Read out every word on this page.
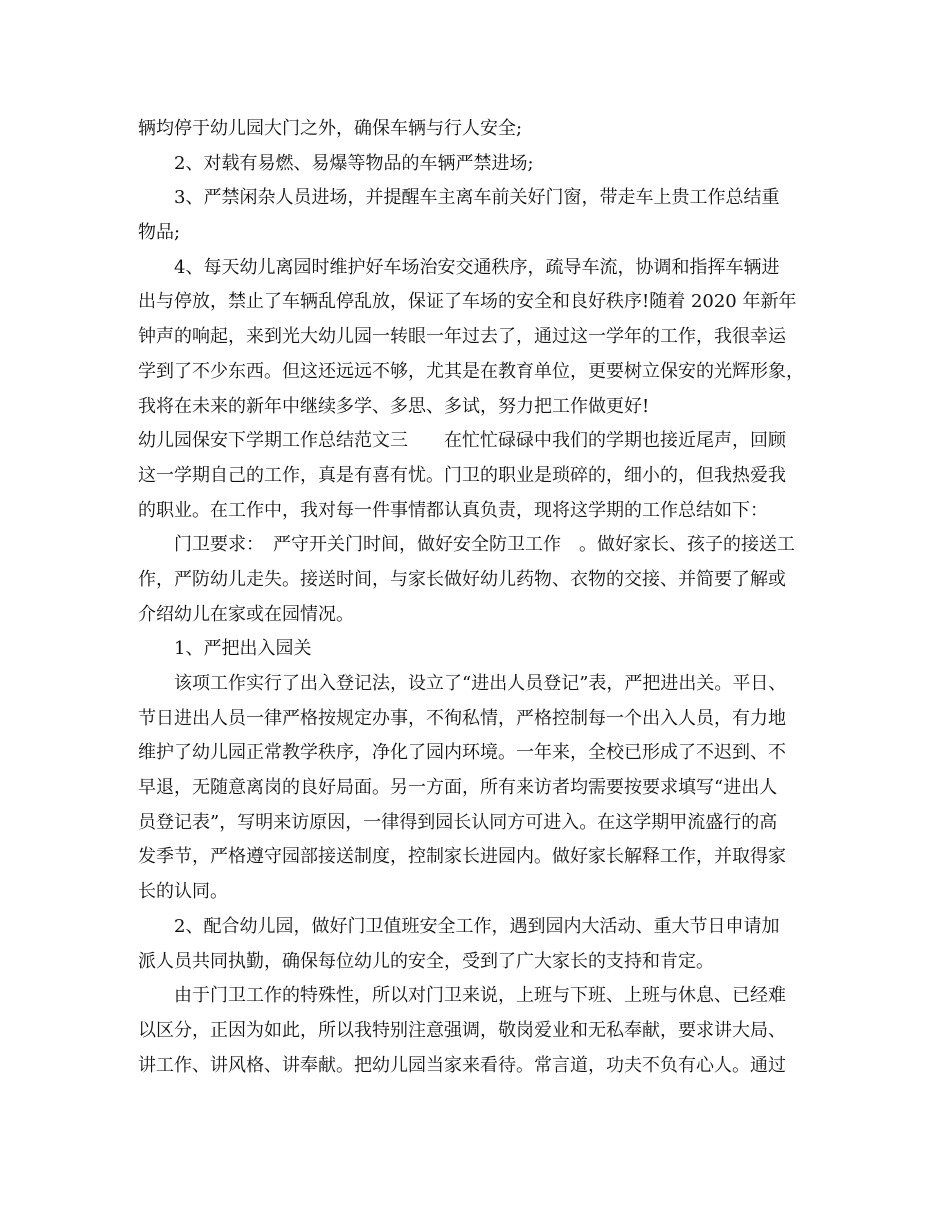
辆均停于幼儿园大门之外，确保车辆与行人安全;

2、对载有易燃、易爆等物品的车辆严禁进场;

3、严禁闲杂人员进场，并提醒车主离车前关好门窗，带走车上贵工作总结重

物品;

4、每天幼儿离园时维护好车场治安交通秩序，疏导车流，协调和指挥车辆进

出与停放，禁止了车辆乱停乱放，保证了车场的安全和良好秩序!随着 2020 年新年

钟声的响起，来到光大幼儿园一转眼一年过去了，通过这一学年的工作，我很幸运

学到了不少东西。但这还远远不够，尤其是在教育单位，更要树立保安的光辉形象，

我将在未来的新年中继续多学、多思、多试，努力把工作做更好!

幼儿园保安下学期工作总结范文三　　在忙忙碌碌中我们的学期也接近尾声，回顾

这一学期自己的工作，真是有喜有忧。门卫的职业是琐碎的，细小的，但我热爱我

的职业。在工作中，我对每一件事情都认真负责，现将这学期的工作总结如下：

门卫要求：　严守开关门时间，做好安全防卫工作　。做好家长、孩子的接送工

作，严防幼儿走失。接送时间，与家长做好幼儿药物、衣物的交接、并简要了解或

介绍幼儿在家或在园情况。

1、严把出入园关

该项工作实行了出入登记法，设立了“进出人员登记”表，严把进出关。平日、

节日进出人员一律严格按规定办事，不徇私情，严格控制每一个出入人员，有力地

维护了幼儿园正常教学秩序，净化了园内环境。一年来，全校已形成了不迟到、不

早退，无随意离岗的良好局面。另一方面，所有来访者均需要按要求填写“进出人

员登记表”，写明来访原因，一律得到园长认同方可进入。在这学期甲流盛行的高

发季节，严格遵守园部接送制度，控制家长进园内。做好家长解释工作，并取得家

长的认同。

2、配合幼儿园，做好门卫值班安全工作，遇到园内大活动、重大节日申请加

派人员共同执勤，确保每位幼儿的安全，受到了广大家长的支持和肯定。

由于门卫工作的特殊性，所以对门卫来说，上班与下班、上班与休息、已经难

以区分，正因为如此，所以我特别注意强调，敬岗爱业和无私奉献，要求讲大局、

讲工作、讲风格、讲奉献。把幼儿园当家来看待。常言道，功夫不负有心人。通过
